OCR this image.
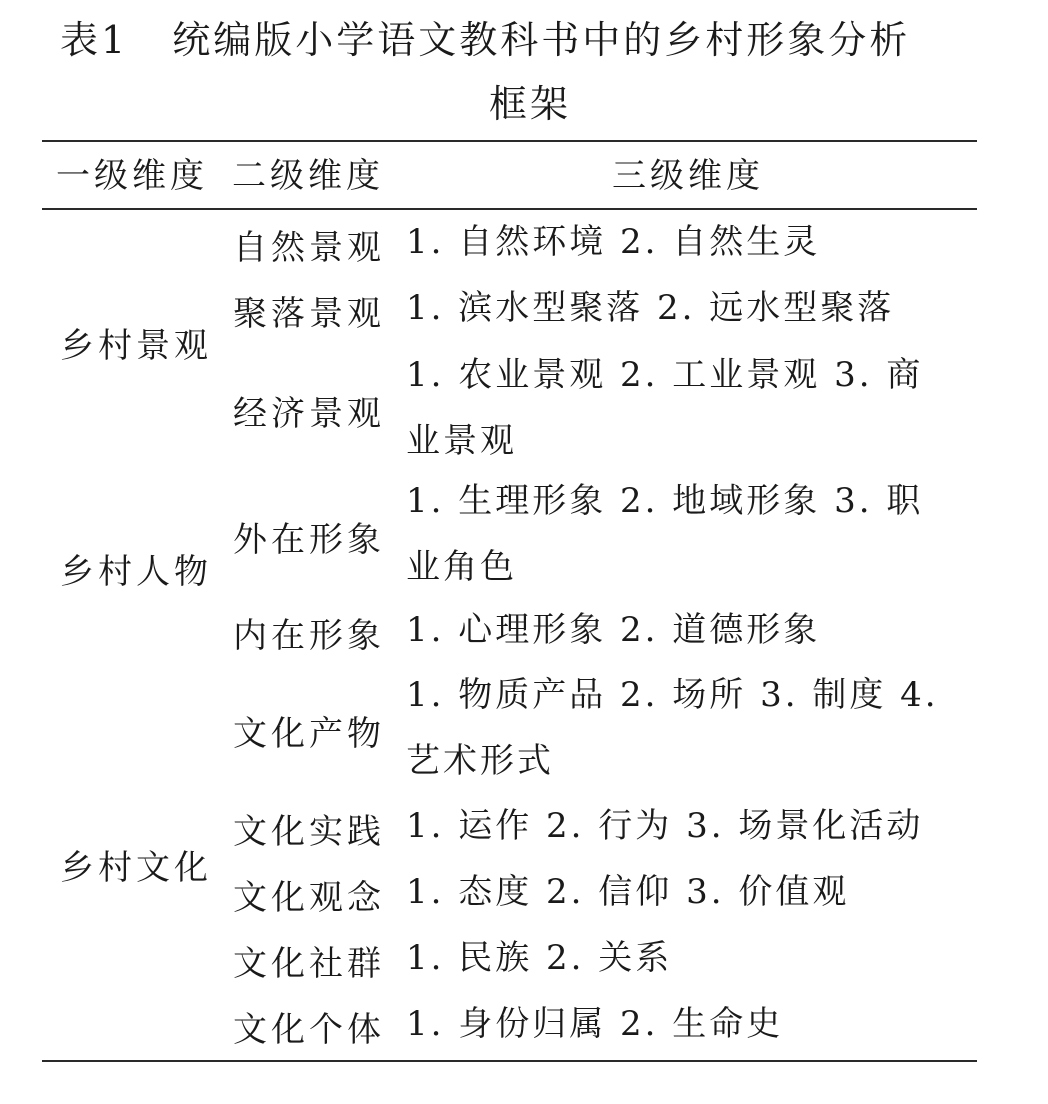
表1 统编版小学语文教科书中的乡村形象分析
框架
一级维度 二级维度	三级维度
乡村景观
自然景观 1. 自然环境 2. 自然生灵
聚落景观 1. 滨水型聚落 2. 远水型聚落
经济景观
1. 农业景观 2. 工业景观 3. 商业景观
乡村人物
外在形象
1. 生理形象 2. 地域形象 3. 职业角色
内在形象 1. 心理形象 2. 道德形象
乡村文化
文化产物
1. 物质产品 2. 场所 3. 制度 4. 艺术形式
文化实践 1. 运作 2. 行为 3. 场景化活动
文化观念 1. 态度 2. 信仰 3. 价值观
文化社群 1. 民族 2. 关系
文化个体 1. 身份归属 2. 生命史
